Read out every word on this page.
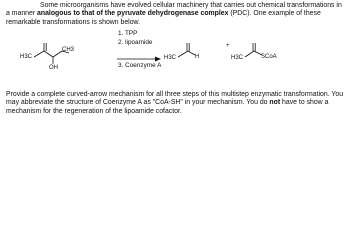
Some microorganisms have evolved cellular machinery that carries out chemical transformations in a manner analogous to that of the pyruvate dehydrogenase complex (PDC). One example of these remarkable transformations is shown below.
H3C
CH3
OH
1. TPP
2. lipoamide
3. Coenzyme A
H3C	H
+
H3C	SCoA
Provide a complete curved-arrow mechanism for all three steps of this multistep enzymatic transformation. You may abbreviate the structure of Coenzyme A as "CoA-SH" in your mechanism. You do not have to show a mechanism for the regeneration of the lipoamide cofactor.
